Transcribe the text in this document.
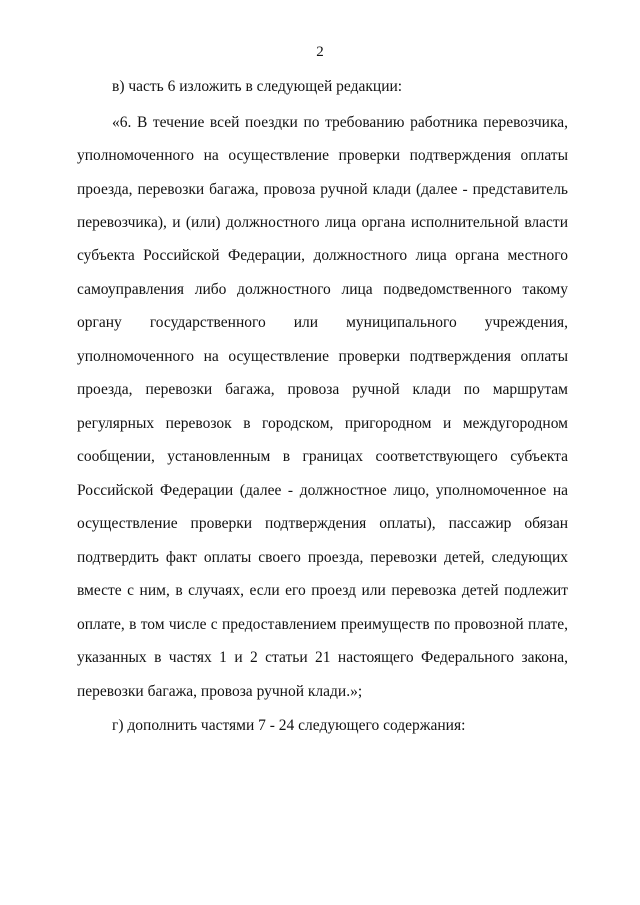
2
в) часть 6 изложить в следующей редакции:
«6. В течение всей поездки по требованию работника перевозчика,
уполномоченного на осуществление проверки подтверждения оплаты
проезда, перевозки багажа, провоза ручной клади (далее - представитель
перевозчика), и (или) должностного лица органа исполнительной власти
субъекта Российской Федерации, должностного лица органа местного
самоуправления либо должностного лица подведомственного такому
органу государственного или муниципального учреждения,
уполномоченного на осуществление проверки подтверждения оплаты
проезда, перевозки багажа, провоза ручной клади по маршрутам
регулярных перевозок в городском, пригородном и междугородном
сообщении, установленным в границах соответствующего субъекта
Российской Федерации (далее - должностное лицо, уполномоченное на
осуществление проверки подтверждения оплаты), пассажир обязан
подтвердить факт оплаты своего проезда, перевозки детей, следующих
вместе с ним, в случаях, если его проезд или перевозка детей подлежит
оплате, в том числе с предоставлением преимуществ по провозной плате,
указанных в частях 1 и 2 статьи 21 настоящего Федерального закона,
перевозки багажа, провоза ручной клади.»;
г) дополнить частями 7 - 24 следующего содержания:
